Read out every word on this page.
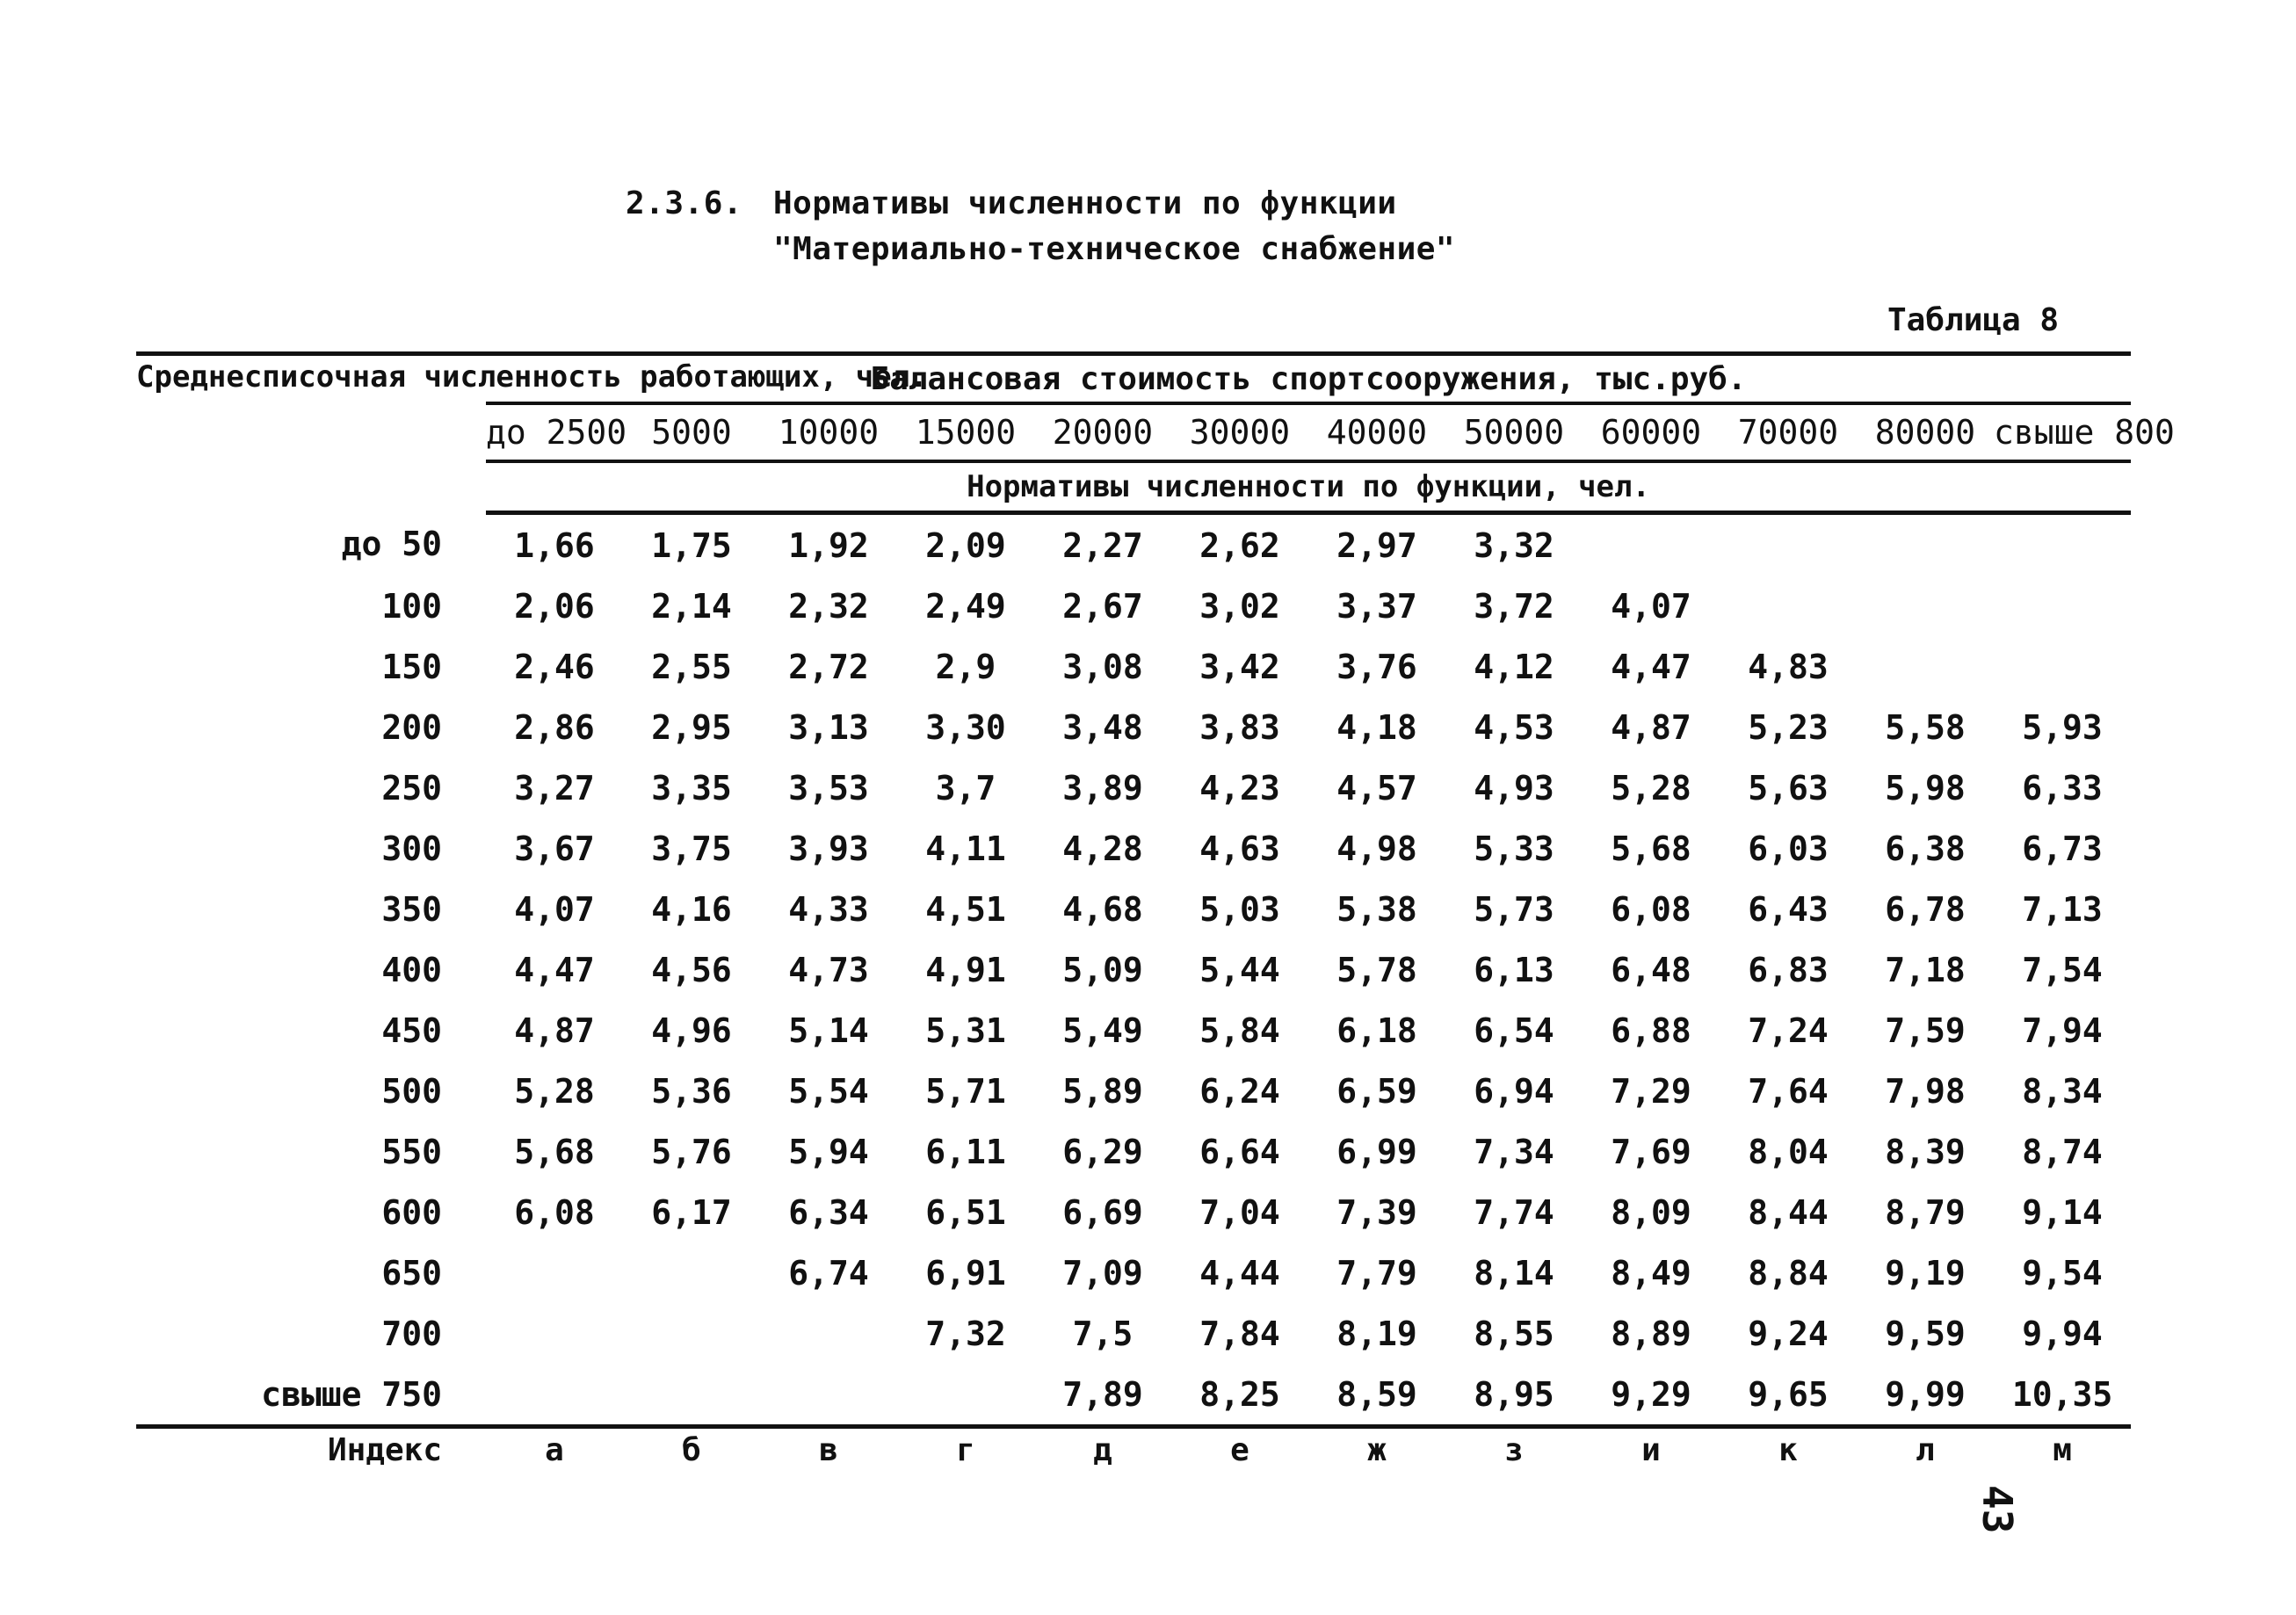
2.3.6. Нормативы численности по функции
"Материально-техническое снабжение"
Таблица 8
Среднесписочная численность работающих, чел.	Балансовая стоимость спортсооружения, тыс.руб.											
	до 2500	5000	10000	15000	20000	30000	40000	50000	60000	70000	80000	свыше 800
	Нормативы численности по функции, чел.											
до 50	1,66	1,75	1,92	2,09	2,27	2,62	2,97	3,32				
100	2,06	2,14	2,32	2,49	2,67	3,02	3,37	3,72	4,07			
150	2,46	2,55	2,72	2,9	3,08	3,42	3,76	4,12	4,47	4,83		
200	2,86	2,95	3,13	3,30	3,48	3,83	4,18	4,53	4,87	5,23	5,58	5,93
250	3,27	3,35	3,53	3,7	3,89	4,23	4,57	4,93	5,28	5,63	5,98	6,33
300	3,67	3,75	3,93	4,11	4,28	4,63	4,98	5,33	5,68	6,03	6,38	6,73
350	4,07	4,16	4,33	4,51	4,68	5,03	5,38	5,73	6,08	6,43	6,78	7,13
400	4,47	4,56	4,73	4,91	5,09	5,44	5,78	6,13	6,48	6,83	7,18	7,54
450	4,87	4,96	5,14	5,31	5,49	5,84	6,18	6,54	6,88	7,24	7,59	7,94
500	5,28	5,36	5,54	5,71	5,89	6,24	6,59	6,94	7,29	7,64	7,98	8,34
550	5,68	5,76	5,94	6,11	6,29	6,64	6,99	7,34	7,69	8,04	8,39	8,74
600	6,08	6,17	6,34	6,51	6,69	7,04	7,39	7,74	8,09	8,44	8,79	9,14
650			6,74	6,91	7,09	4,44	7,79	8,14	8,49	8,84	9,19	9,54
700				7,32	7,5	7,84	8,19	8,55	8,89	9,24	9,59	9,94
свыше 750					7,89	8,25	8,59	8,95	9,29	9,65	9,99	10,35
Индекс	а	б	в	г	д	е	ж	з	и	к	л	м
43
